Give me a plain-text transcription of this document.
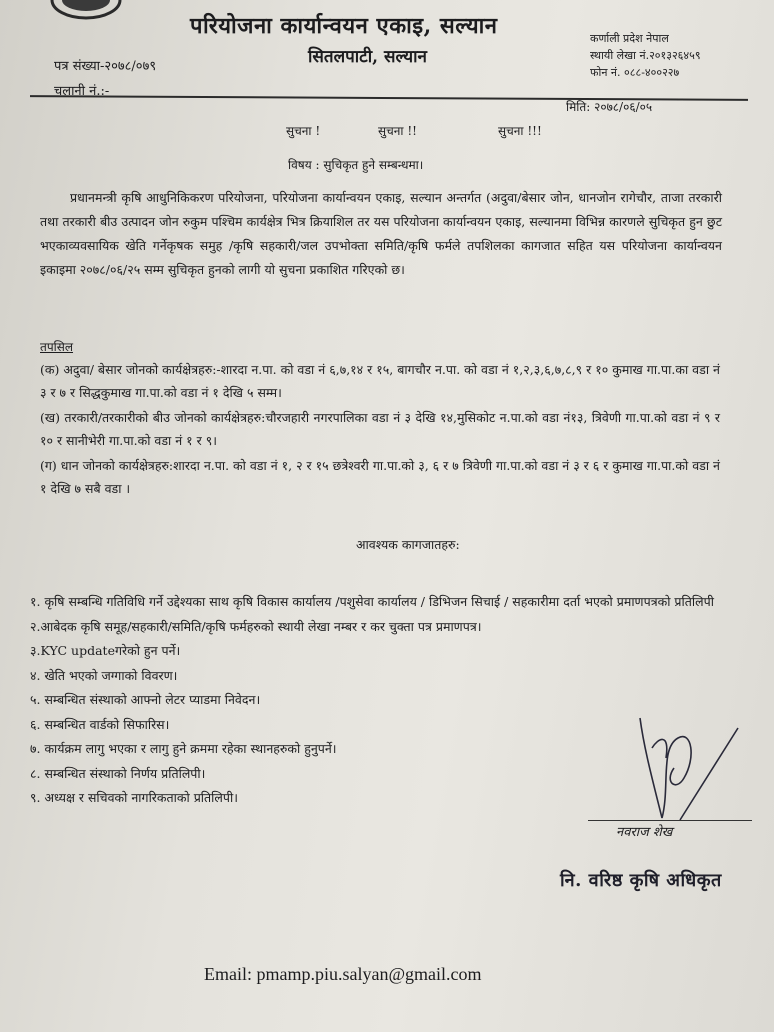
परियोजना कार्यान्वयन एकाइ, सल्यान
सितलपाटी, सल्यान
कर्णाली प्रदेश नेपाल
स्थायी लेखा नं.२०१३२६४५९
फोन नं. ०८८-४००२२७
पत्र संख्या-२०७८/०७९
चलानी नं.:-
मिति: २०७८/०६/०५
सुचना !	सुचना !!	सुचना !!!
विषय : सुचिकृत हुने सम्बन्धमा।
प्रधानमन्त्री कृषि आधुनिकिकरण परियोजना, परियोजना कार्यान्वयन एकाइ, सल्यान अन्तर्गत (अदुवा/बेसार जोन, धानजोन रागेचौर, ताजा तरकारी तथा तरकारी बीउ उत्पादन जोन रुकुम पश्चिम कार्यक्षेत्र भित्र क्रियाशिल तर यस परियोजना कार्यान्वयन एकाइ, सल्यानमा विभिन्न कारणले सुचिकृत हुन छुट भएकाव्यवसायिक खेति गर्नेकृषक समुह /कृषि सहकारी/जल उपभोक्ता समिति/कृषि फर्मले तपशिलका कागजात सहित यस परियोजना कार्यान्वयन इकाइमा २०७८/०६/२५ सम्म सुचिकृत हुनको लागी यो सुचना प्रकाशित गरिएको छ।
तपसिल

(क) अदुवा/ बेसार जोनको कार्यक्षेत्रहरु:-शारदा न.पा. को वडा नं ६,७,१४ र १५, बागचौर न.पा. को वडा नं १,२,३,६,७,८,९ र १० कुमाख गा.पा.का वडा नं ३ र ७ र सिद्धकुमाख गा.पा.को वडा नं १ देखि ५ सम्म।

(ख) तरकारी/तरकारीको बीउ जोनको कार्यक्षेत्रहरु:चौरजहारी नगरपालिका वडा नं ३ देखि १४,मुसिकोट न.पा.को वडा नं१३, त्रिवेणी गा.पा.को वडा नं ९ र १० र सानीभेरी गा.पा.को वडा नं १ र ९।

(ग) धान जोनको कार्यक्षेत्रहरु:शारदा न.पा. को वडा नं १, २ र १५ छत्रेश्वरी गा.पा.को ३, ६ र ७ त्रिवेणी गा.पा.को वडा नं ३ र ६ र कुमाख गा.पा.को वडा नं १ देखि ७ सबै वडा ।

आवश्यक कागजातहरु:
१. कृषि सम्बन्धि गतिविधि गर्ने उद्देश्यका साथ कृषि विकास कार्यालय /पशुसेवा कार्यालय / डिभिजन सिचाई / सहकारीमा दर्ता भएको प्रमाणपत्रको प्रतिलिपी
२.आबेदक कृषि समूह/सहकारी/समिति/कृषि फर्महरुको स्थायी लेखा नम्बर र कर चुक्ता पत्र प्रमाणपत्र।
३.KYC updateगरेको हुन पर्ने।
४. खेति भएको जग्गाको विवरण।
५. सम्बन्धित संस्थाको आफ्नो लेटर प्याडमा निवेदन।
६. सम्बन्धित वार्डको सिफारिस।
७. कार्यक्रम लागु भएका र लागु हुने क्रममा रहेका स्थानहरुको हुनुपर्ने।
८. सम्बन्धित संस्थाको निर्णय प्रतिलिपी।
९. अध्यक्ष र सचिवको नागरिकताको प्रतिलिपी।
नवराज शेख
नि. वरिष्ठ कृषि अधिकृत
Email: pmamp.piu.salyan@gmail.com
